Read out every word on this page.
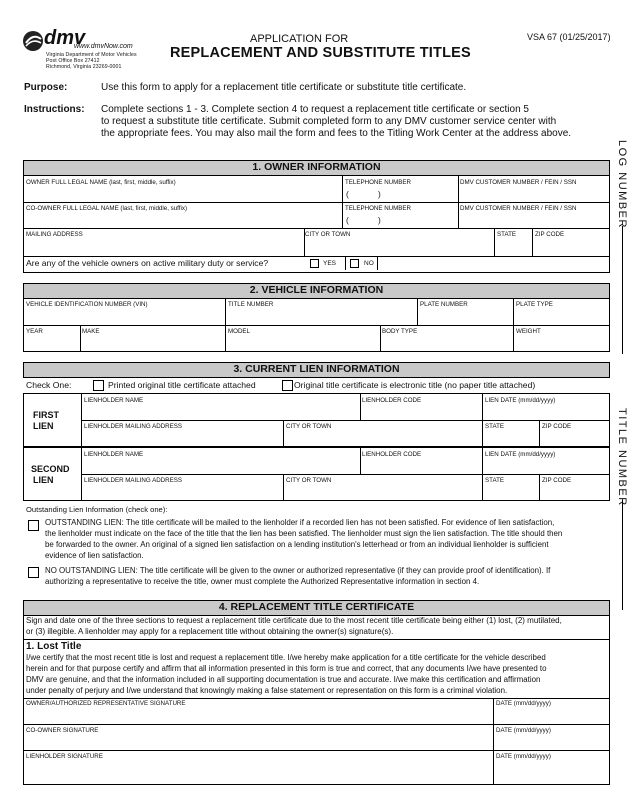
dmv
www.dmvNow.com
Virginia Department of Motor Vehicles
Post Office Box 27412
Richmond, Virginia 23269-0001
APPLICATION FOR
REPLACEMENT AND SUBSTITUTE TITLES
VSA 67 (01/25/2017)
Purpose:	Use this form to apply for a replacement title certificate or substitute title certificate.
Instructions: Complete sections 1 - 3. Complete section 4 to request a replacement title certificate or section 5
to request a substitute title certificate. Submit completed form to any DMV customer service center with
the appropriate fees. You may also mail the form and fees to the Titling Work Center at the address above.
LOG NUMBER
TITLE NUMBER
1. OWNER INFORMATION
OWNER FULL LEGAL NAME (last, first, middle, suffix)	TELEPHONE NUMBER	DMV CUSTOMER NUMBER / FEIN / SSN
(	)
CO-OWNER FULL LEGAL NAME (last, first, middle, suffix)	TELEPHONE NUMBER	DMV CUSTOMER NUMBER / FEIN / SSN
(	)
MAILING ADDRESS	CITY OR TOWN	STATE	ZIP CODE
Are any of the vehicle owners on active military duty or service?	YES	NO
2. VEHICLE INFORMATION
VEHICLE IDENTIFICATION NUMBER (VIN)	TITLE NUMBER	PLATE NUMBER	PLATE TYPE
YEAR	MAKE	MODEL	BODY TYPE	WEIGHT
3. CURRENT LIEN INFORMATION
Check One:	Printed original title certificate attached	Original title certificate is electronic title (no paper title attached)
FIRST
LIEN
LIENHOLDER NAME	LIENHOLDER CODE	LIEN DATE (mm/dd/yyyy)
LIENHOLDER MAILING ADDRESS	CITY OR TOWN	STATE	ZIP CODE
SECOND
LIEN
LIENHOLDER NAME	LIENHOLDER CODE	LIEN DATE (mm/dd/yyyy)
LIENHOLDER MAILING ADDRESS	CITY OR TOWN	STATE	ZIP CODE
Outstanding Lien Information (check one):
OUTSTANDING LIEN: The title certificate will be mailed to the lienholder if a recorded lien has not been satisfied. For evidence of lien satisfaction,
the lienholder must indicate on the face of the title that the lien has been satisfied. The lienholder must sign the lien satisfaction. The title should then
be forwarded to the owner. An original of a signed lien satisfaction on a lending institution's letterhead or from an individual lienholder is sufficient
evidence of lien satisfaction.
NO OUTSTANDING LIEN: The title certificate will be given to the owner or authorized representative (if they can provide proof of identification). If
authorizing a representative to receive the title, owner must complete the Authorized Representative information in section 4.
4. REPLACEMENT TITLE CERTIFICATE
Sign and date one of the three sections to request a replacement title certificate due to the most recent title certificate being either (1) lost, (2) mutilated,
or (3) illegible. A lienholder may apply for a replacement title without obtaining the owner(s) signature(s).
1. Lost Title
I/we certify that the most recent title is lost and request a replacement title. I/we hereby make application for a title certificate for the vehicle described
herein and for that purpose certify and affirm that all information presented in this form is true and correct, that any documents I/we have presented to
DMV are genuine, and that the information included in all supporting documentation is true and accurate. I/we make this certification and affirmation
under penalty of perjury and I/we understand that knowingly making a false statement or representation on this form is a criminal violation.
OWNER/AUTHORIZED REPRESENTATIVE SIGNATURE	DATE (mm/dd/yyyy)
CO-OWNER SIGNATURE	DATE (mm/dd/yyyy)
LIENHOLDER SIGNATURE	DATE (mm/dd/yyyy)
